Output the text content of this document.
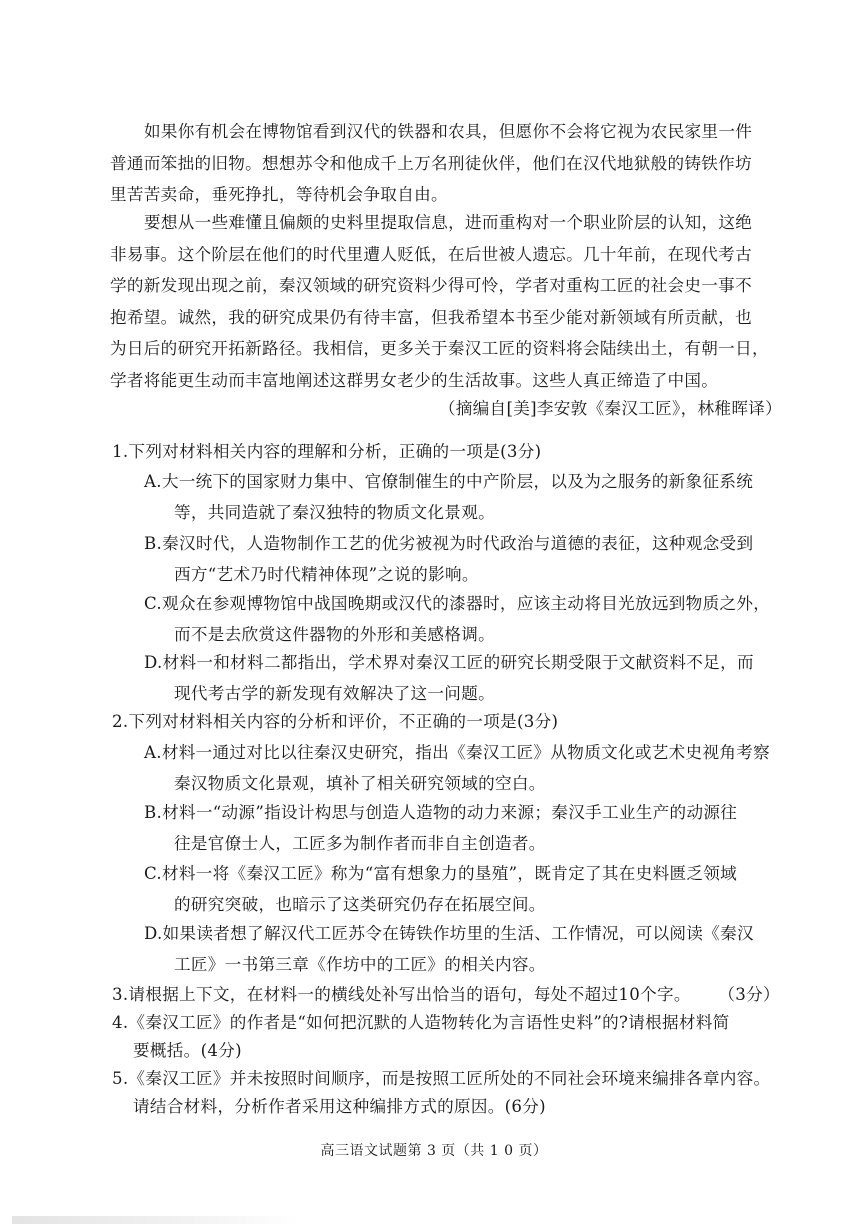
如果你有机会在博物馆看到汉代的铁器和农具，但愿你不会将它视为农民家里一件
普通而笨拙的旧物。想想苏令和他成千上万名刑徒伙伴，他们在汉代地狱般的铸铁作坊
里苦苦卖命，垂死挣扎，等待机会争取自由。
要想从一些难懂且偏颇的史料里提取信息，进而重构对一个职业阶层的认知，这绝
非易事。这个阶层在他们的时代里遭人贬低，在后世被人遗忘。几十年前，在现代考古
学的新发现出现之前，秦汉领域的研究资料少得可怜，学者对重构工匠的社会史一事不
抱希望。诚然，我的研究成果仍有待丰富，但我希望本书至少能对新领域有所贡献，也
为日后的研究开拓新路径。我相信，更多关于秦汉工匠的资料将会陆续出土，有朝一日，
学者将能更生动而丰富地阐述这群男女老少的生活故事。这些人真正缔造了中国。
（摘编自[美]李安敦《秦汉工匠》，林稚晖译）
1.下列对材料相关内容的理解和分析，正确的一项是(3分)
A.大一统下的国家财力集中、官僚制催生的中产阶层，以及为之服务的新象征系统
等，共同造就了秦汉独特的物质文化景观。
B.秦汉时代，人造物制作工艺的优劣被视为时代政治与道德的表征，这种观念受到
西方“艺术乃时代精神体现”之说的影响。
C.观众在参观博物馆中战国晚期或汉代的漆器时，应该主动将目光放远到物质之外，
而不是去欣赏这件器物的外形和美感格调。
D.材料一和材料二都指出，学术界对秦汉工匠的研究长期受限于文献资料不足，而
现代考古学的新发现有效解决了这一问题。
2.下列对材料相关内容的分析和评价，不正确的一项是(3分)
A.材料一通过对比以往秦汉史研究，指出《秦汉工匠》从物质文化或艺术史视角考察
秦汉物质文化景观，填补了相关研究领域的空白。
B.材料一“动源”指设计构思与创造人造物的动力来源；秦汉手工业生产的动源往
往是官僚士人，工匠多为制作者而非自主创造者。
C.材料一将《秦汉工匠》称为“富有想象力的垦殖”，既肯定了其在史料匮乏领域
的研究突破，也暗示了这类研究仍存在拓展空间。
D.如果读者想了解汉代工匠苏令在铸铁作坊里的生活、工作情况，可以阅读《秦汉
工匠》一书第三章《作坊中的工匠》的相关内容。
3.请根据上下文，在材料一的横线处补写出恰当的语句，每处不超过10个字。 （3分）
4.《秦汉工匠》的作者是“如何把沉默的人造物转化为言语性史料”的?请根据材料简
要概括。(4分)
5.《秦汉工匠》并未按照时间顺序，而是按照工匠所处的不同社会环境来编排各章内容。
请结合材料，分析作者采用这种编排方式的原因。(6分)
高三语文试题第 3 页（共 1 0 页）
